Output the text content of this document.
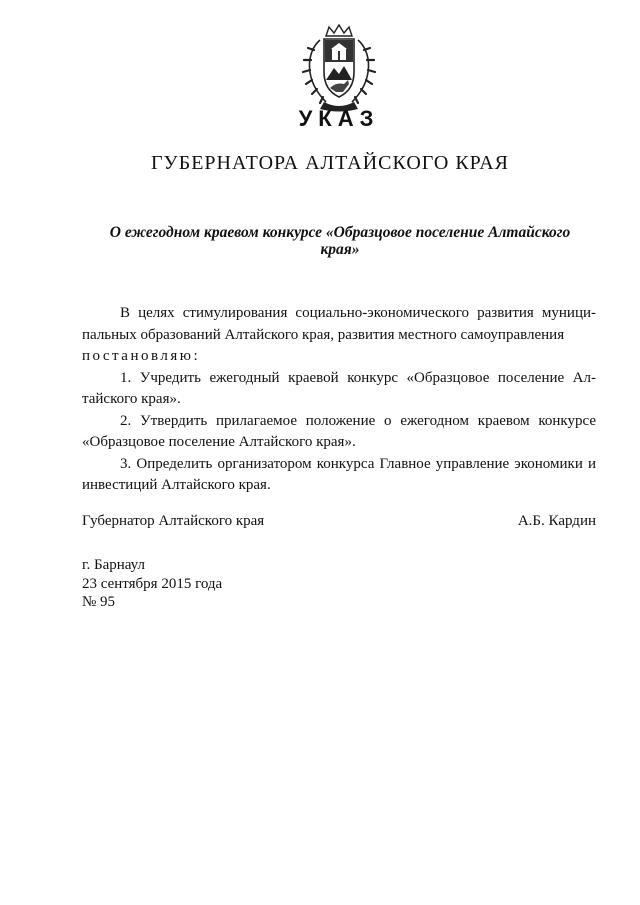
УКАЗ
ГУБЕРНАТОРА АЛТАЙСКОГО КРАЯ
О ежегодном краевом конкурсе «Образцовое поселение Алтайского
края»

В целях стимулирования социально-экономического развития муници-пальных образований Алтайского края, развития местного самоуправления

постановляю:

1. Учредить ежегодный краевой конкурс «Образцовое поселение Ал-тайского края».

2. Утвердить прилагаемое положение о ежегодном краевом конкурсе «Образцовое поселение Алтайского края».

3. Определить организатором конкурса Главное управление экономики и инвестиций Алтайского края.

Губернатор Алтайского края	А.Б. Кардин
г. Барнаул
23 сентября 2015 года
№ 95
